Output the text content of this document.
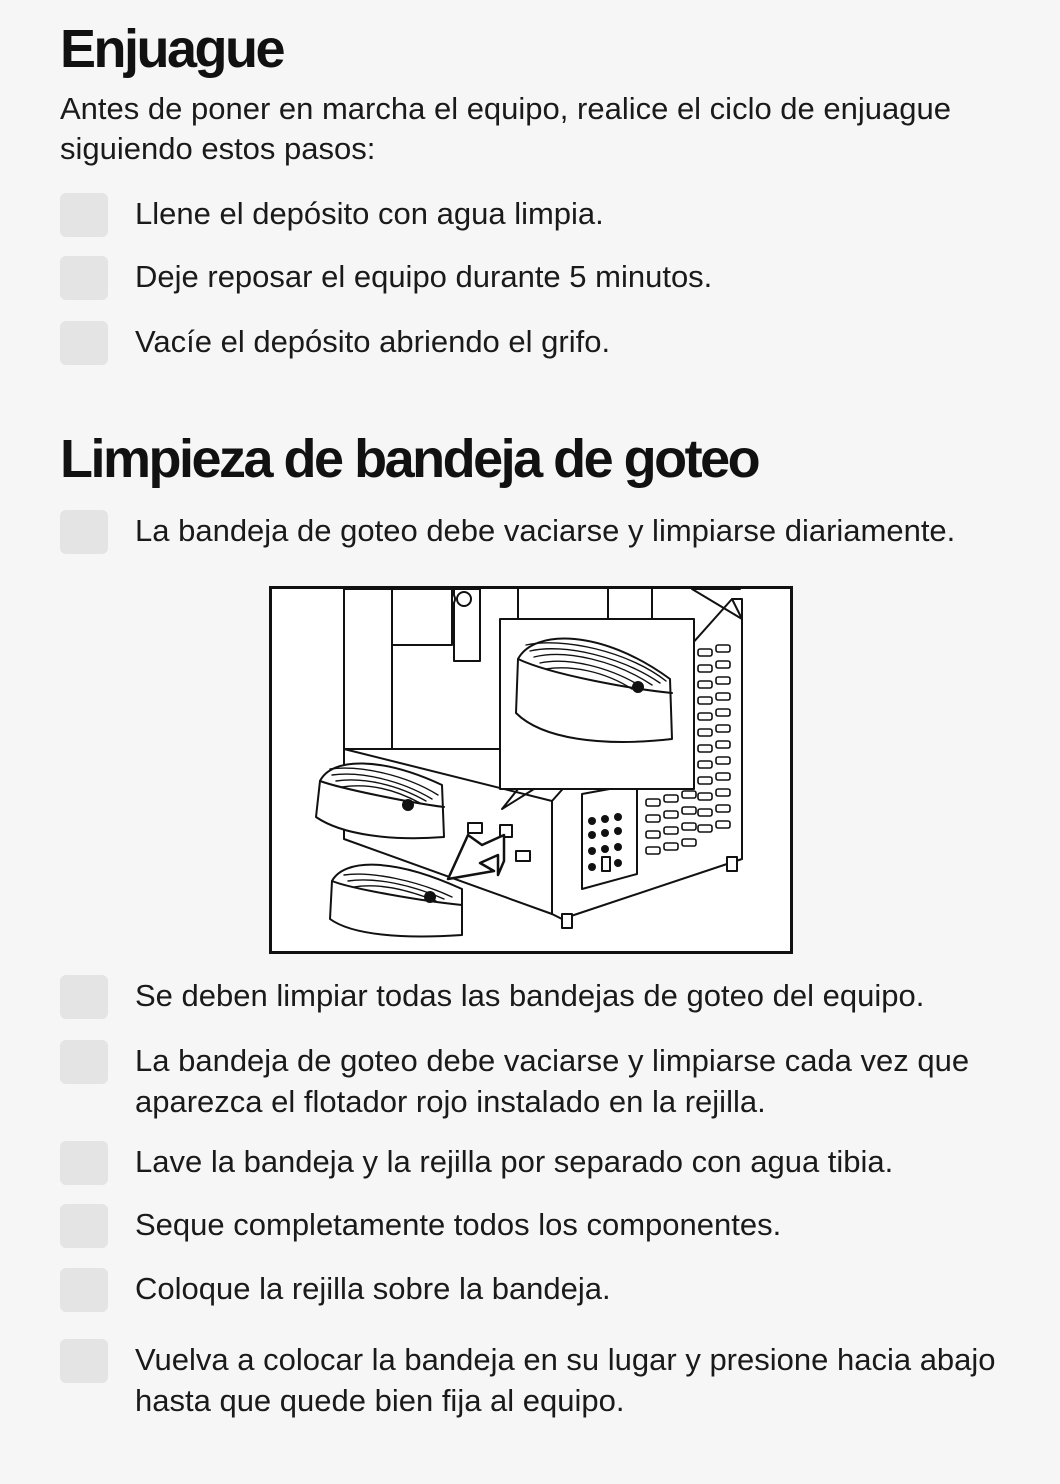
Enjuague

Antes de poner en marcha el equipo, realice el ciclo de enjuague siguiendo estos pasos:

Llene el depósito con agua limpia.
Deje reposar el equipo durante 5 minutos.
Vacíe el depósito abriendo el grifo.
Limpieza de bandeja de goteo
La bandeja de goteo debe vaciarse y limpiarse diariamente.
Se deben limpiar todas las bandejas de goteo del equipo.
La bandeja de goteo debe vaciarse y limpiarse cada vez que aparezca el flotador rojo instalado en la rejilla.
Lave la bandeja y la rejilla por separado con agua tibia.
Seque completamente todos los componentes.
Coloque la rejilla sobre la bandeja.
Vuelva a colocar la bandeja en su lugar y presione hacia abajo hasta que quede bien fija al equipo.
